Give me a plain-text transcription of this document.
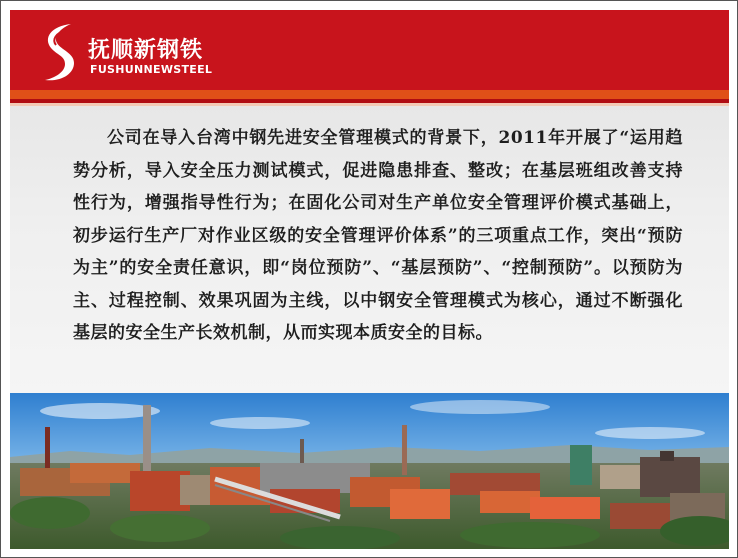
抚顺新钢铁
FUSHUNNEWSTEEL

公司在导入台湾中钢先进安全管理模式的背景下，2011年开展了“运用趋势分析，导入安全压力测试模式，促进隐患排查、整改；在基层班组改善支持性行为，增强指导性行为；在固化公司对生产单位安全管理评价模式基础上，初步运行生产厂对作业区级的安全管理评价体系”的三项重点工作，突出“预防为主”的安全责任意识，即“岗位预防”、“基层预防”、“控制预防”。以预防为主、过程控制、效果巩固为主线，以中钢安全管理模式为核心，通过不断强化基层的安全生产长效机制，从而实现本质安全的目标。
